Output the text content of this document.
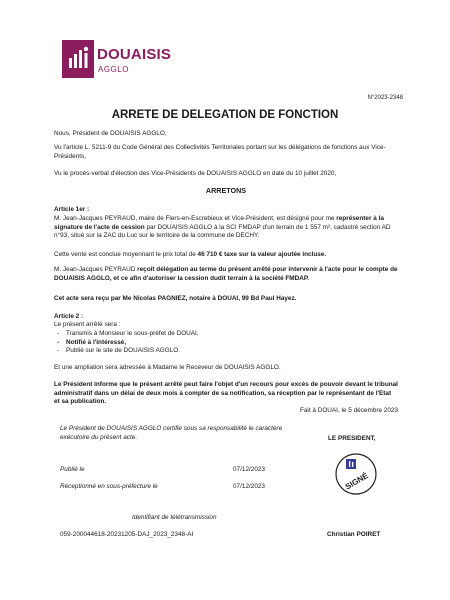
DOUAISIS
AGGLO
N°2023-2348
ARRETE DE DELEGATION DE FONCTION
Nous, Président de DOUAISIS AGGLO,
Vu l'article L. 5211-9 du Code Général des Collectivités Territoriales portant sur les délégations de fonctions aux Vice-Présidents,
Vu le procès-verbal d'élection des Vice-Présidents de DOUAISIS AGGLO en date du 10 juillet 2020,
ARRETONS
Article 1er :
M. Jean-Jacques PEYRAUD, maire de Flers-en-Escrebieux et Vice-Président, est désigné pour me représenter à la signature de l'acte de cession par DOUAISIS AGGLO à la SCI FMDAP d'un terrain de 1 557 m², cadastré section AD n°93, situé sur la ZAC du Luc sur le territoire de la commune de DECHY.
Cette vente est conclue moyennant le prix total de 46 710 € taxe sur la valeur ajoutée incluse.
M. Jean-Jacques PEYRAUD reçoit délégation au terme du présent arrêté pour intervenir à l'acte pour le compte de DOUAISIS AGGLO, et ce afin d'autoriser la cession dudit terrain à la société FMDAP.
Cet acte sera reçu par Me Nicolas PAGNIEZ, notaire à DOUAI, 99 Bd Paul Hayez.
Article 2 :
Le présent arrêté sera :
- Transmis à Monsieur le sous-préfet de DOUAI,
- Notifié à l'intéressé,
- Publié sur le site de DOUAISIS AGGLO.
Et une ampliation sera adressée à Madame le Receveur de DOUAISIS AGGLO.
Le Président informe que le présent arrêté peut faire l'objet d'un recours pour excès de pouvoir devant le tribunal administratif dans un délai de deux mois à compter de sa notification, sa réception par le représentant de l'Etat et sa publication.
Fait à DOUAI, le 5 décembre 2023
Le Président de DOUAISIS AGGLO certifie sous sa responsabilité le caractère exécutoire du présent acte.	LE PRESIDENT,
Publié le	07/12/2023
Réceptionné en sous-préfecture le	07/12/2023	SIGNÉ
Identifiant de télétransmission
059-200044618-20231205-DAJ_2023_2348-AI	Christian POIRET
